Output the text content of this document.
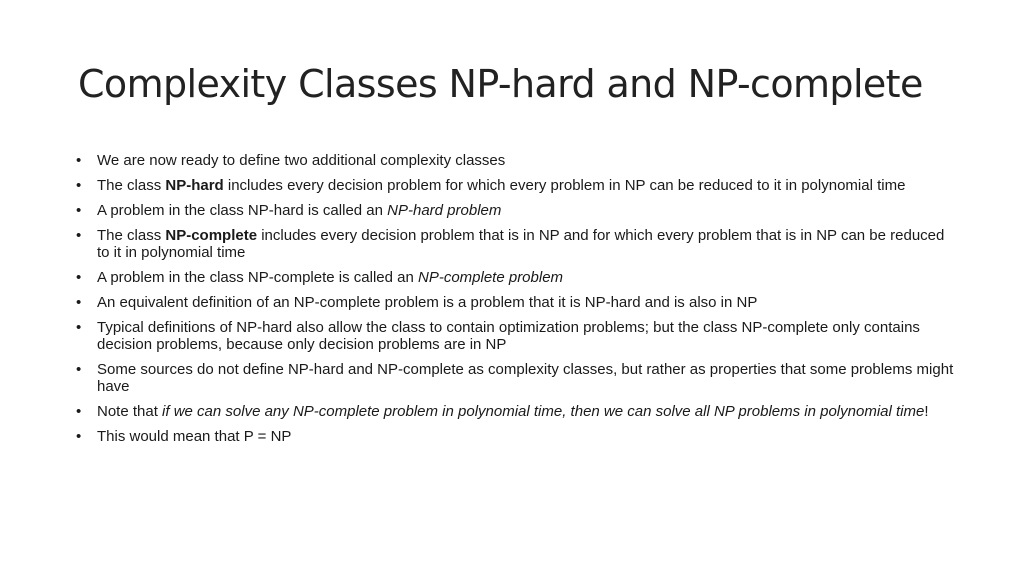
Complexity Classes NP-hard and NP-complete
• We are now ready to define two additional complexity classes
• The class NP-hard includes every decision problem for which every problem in NP can be reduced to it in polynomial time
• A problem in the class NP-hard is called an NP-hard problem
• The class NP-complete includes every decision problem that is in NP and for which every problem that is in NP can be reduced to it in polynomial time
• A problem in the class NP-complete is called an NP-complete problem
• An equivalent definition of an NP-complete problem is a problem that it is NP-hard and is also in NP
• Typical definitions of NP-hard also allow the class to contain optimization problems; but the class NP-complete only contains decision problems, because only decision problems are in NP
• Some sources do not define NP-hard and NP-complete as complexity classes, but rather as properties that some problems might have
• Note that if we can solve any NP-complete problem in polynomial time, then we can solve all NP problems in polynomial time!
• This would mean that P = NP
